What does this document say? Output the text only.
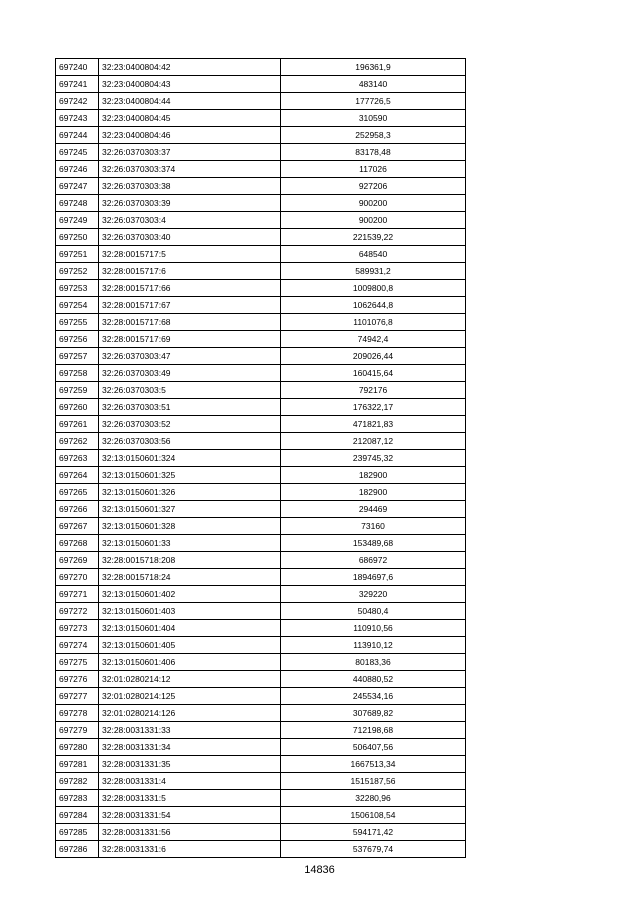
697240	32:23:0400804:42	196361,9
697241	32:23:0400804:43	483140
697242	32:23:0400804:44	177726,5
697243	32:23:0400804:45	310590
697244	32:23:0400804:46	252958,3
697245	32:26:0370303:37	83178,48
697246	32:26:0370303:374	117026
697247	32:26:0370303:38	927206
697248	32:26:0370303:39	900200
697249	32:26:0370303:4	900200
697250	32:26:0370303:40	221539,22
697251	32:28:0015717:5	648540
697252	32:28:0015717:6	589931,2
697253	32:28:0015717:66	1009800,8
697254	32:28:0015717:67	1062644,8
697255	32:28:0015717:68	1101076,8
697256	32:28:0015717:69	74942,4
697257	32:26:0370303:47	209026,44
697258	32:26:0370303:49	160415,64
697259	32:26:0370303:5	792176
697260	32:26:0370303:51	176322,17
697261	32:26:0370303:52	471821,83
697262	32:26:0370303:56	212087,12
697263	32:13:0150601:324	239745,32
697264	32:13:0150601:325	182900
697265	32:13:0150601:326	182900
697266	32:13:0150601:327	294469
697267	32:13:0150601:328	73160
697268	32:13:0150601:33	153489,68
697269	32:28:0015718:208	686972
697270	32:28:0015718:24	1894697,6
697271	32:13:0150601:402	329220
697272	32:13:0150601:403	50480,4
697273	32:13:0150601:404	110910,56
697274	32:13:0150601:405	113910,12
697275	32:13:0150601:406	80183,36
697276	32:01:0280214:12	440880,52
697277	32:01:0280214:125	245534,16
697278	32:01:0280214:126	307689,82
697279	32:28:0031331:33	712198,68
697280	32:28:0031331:34	506407,56
697281	32:28:0031331:35	1667513,34
697282	32:28:0031331:4	1515187,56
697283	32:28:0031331:5	32280,96
697284	32:28:0031331:54	1506108,54
697285	32:28:0031331:56	594171,42
697286	32:28:0031331:6	537679,74
14836
